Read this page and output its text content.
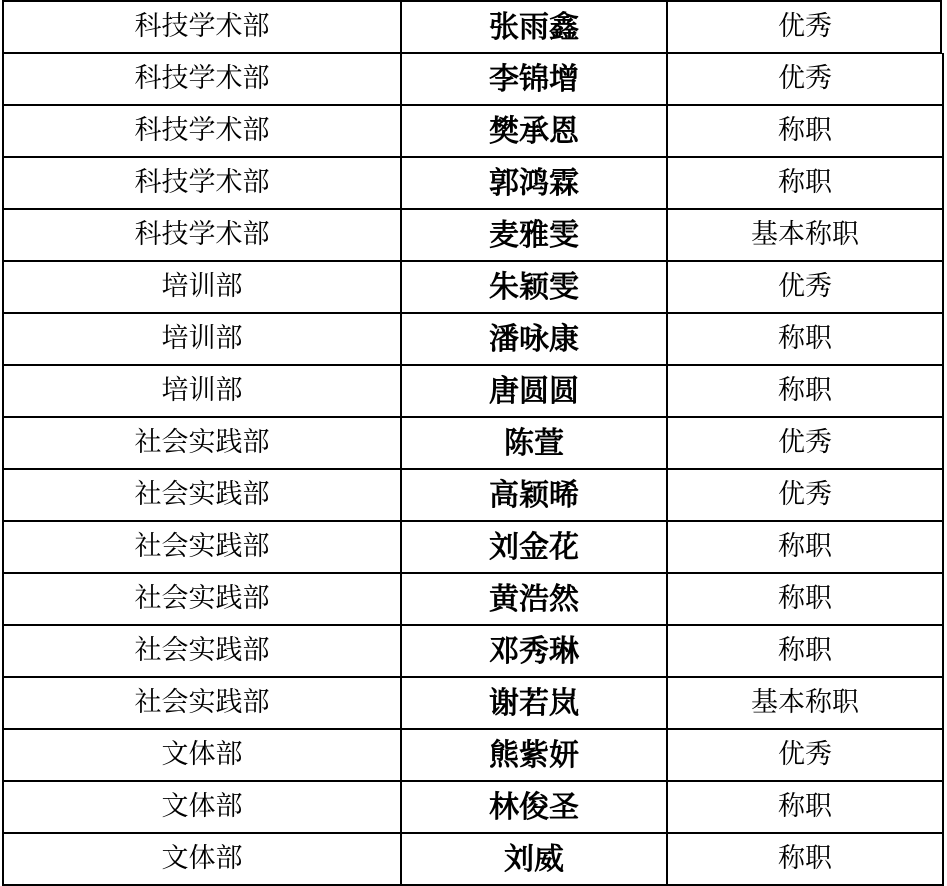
科技学术部	张雨鑫	优秀
科技学术部	李锦增	优秀
科技学术部	樊承恩	称职
科技学术部	郭鸿霖	称职
科技学术部	麦雅雯	基本称职
培训部	朱颖雯	优秀
培训部	潘咏康	称职
培训部	唐圆圆	称职
社会实践部	陈萱	优秀
社会实践部	高颖晞	优秀
社会实践部	刘金花	称职
社会实践部	黄浩然	称职
社会实践部	邓秀琳	称职
社会实践部	谢若岚	基本称职
文体部	熊紫妍	优秀
文体部	林俊圣	称职
文体部	刘威	称职
